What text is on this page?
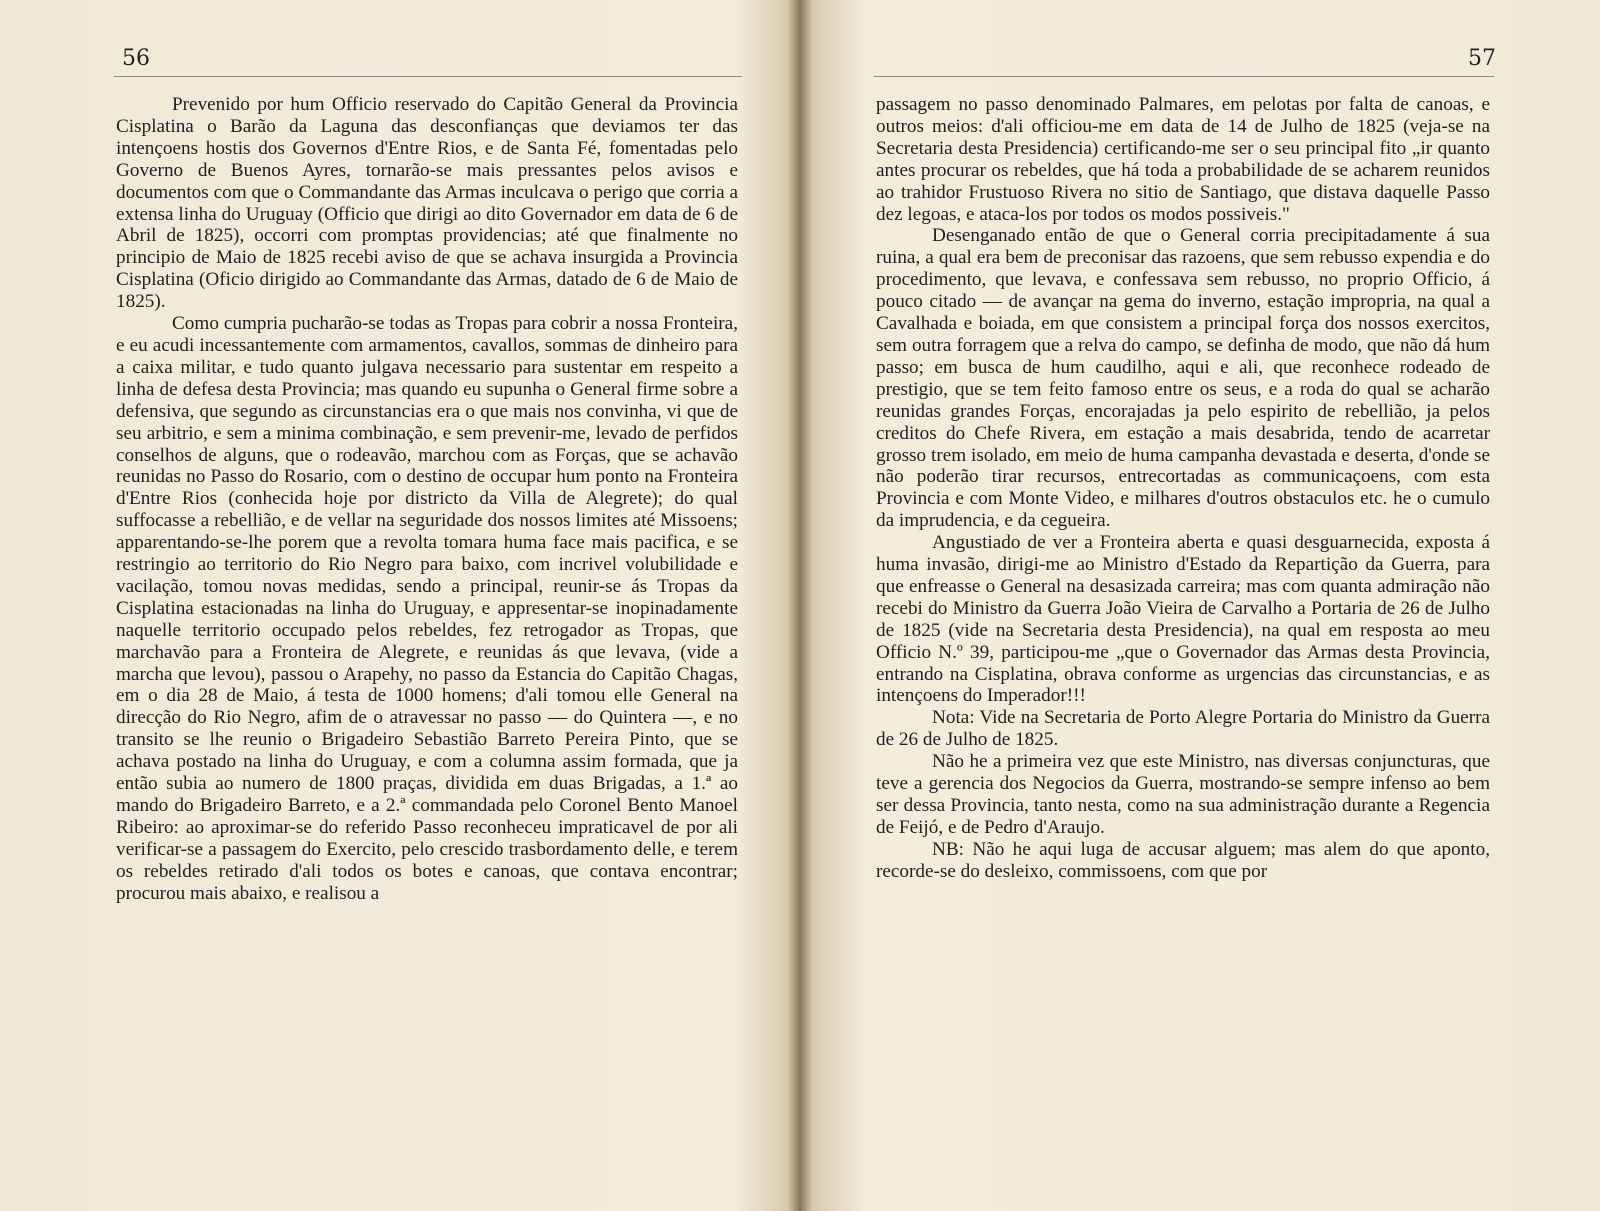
56

Prevenido por hum Officio reservado do Capitão General da Provincia Cisplatina o Barão da Laguna das desconfianças que deviamos ter das intençoens hostis dos Governos d'Entre Rios, e de Santa Fé, fomentadas pelo Governo de Buenos Ayres, tornarão-se mais pressantes pelos avisos e documentos com que o Commandante das Armas inculcava o perigo que corria a extensa linha do Uruguay (Officio que dirigi ao dito Governador em data de 6 de Abril de 1825), occorri com promptas providencias; até que finalmente no principio de Maio de 1825 recebi aviso de que se achava insurgida a Provincia Cisplatina (Oficio dirigido ao Commandante das Armas, datado de 6 de Maio de 1825).

Como cumpria pucharão-se todas as Tropas para cobrir a nossa Fronteira, e eu acudi incessantemente com armamentos, cavallos, sommas de dinheiro para a caixa militar, e tudo quanto julgava necessario para sustentar em respeito a linha de defesa desta Provincia; mas quando eu supunha o General firme sobre a defensiva, que segundo as circunstancias era o que mais nos convinha, vi que de seu arbitrio, e sem a minima combinação, e sem prevenir-me, levado de perfidos conselhos de alguns, que o rodeavão, marchou com as Forças, que se achavão reunidas no Passo do Rosario, com o destino de occupar hum ponto na Fronteira d'Entre Rios (conhecida hoje por districto da Villa de Alegrete); do qual suffocasse a rebellião, e de vellar na seguridade dos nossos limites até Missoens; apparentando-se-lhe porem que a revolta tomara huma face mais pacifica, e se restringio ao territorio do Rio Negro para baixo, com incrivel volubilidade e vacilação, tomou novas medidas, sendo a principal, reunir-se ás Tropas da Cisplatina estacionadas na linha do Uruguay, e appresentar-se inopinadamente naquelle territorio occupado pelos rebeldes, fez retrogador as Tropas, que marchavão para a Fronteira de Alegrete, e reunidas ás que levava, (vide a marcha que levou), passou o Arapehy, no passo da Estancia do Capitão Chagas, em o dia 28 de Maio, á testa de 1000 homens; d'ali tomou elle General na direcção do Rio Negro, afim de o atravessar no passo — do Quintera —, e no transito se lhe reunio o Brigadeiro Sebastião Barreto Pereira Pinto, que se achava postado na linha do Uruguay, e com a columna assim formada, que ja então subia ao numero de 1800 praças, dividida em duas Brigadas, a 1.ª ao mando do Brigadeiro Barreto, e a 2.ª commandada pelo Coronel Bento Manoel Ribeiro: ao aproximar-se do referido Passo reconheceu impraticavel de por ali verificar-se a passagem do Exercito, pelo crescido trasbordamento delle, e terem os rebeldes retirado d'ali todos os botes e canoas, que contava encontrar; procurou mais abaixo, e realisou a

57

passagem no passo denominado Palmares, em pelotas por falta de canoas, e outros meios: d'ali officiou-me em data de 14 de Julho de 1825 (veja-se na Secretaria desta Presidencia) certificando-me ser o seu principal fito „ir quanto antes procurar os rebeldes, que há toda a probabilidade de se acharem reunidos ao trahidor Frustuoso Rivera no sitio de Santiago, que distava daquelle Passo dez legoas, e ataca-los por todos os modos possiveis."

Desenganado então de que o General corria precipitadamente á sua ruina, a qual era bem de preconisar das razoens, que sem rebusso expendia e do procedimento, que levava, e confessava sem rebusso, no proprio Officio, á pouco citado — de avançar na gema do inverno, estação impropria, na qual a Cavalhada e boiada, em que consistem a principal força dos nossos exercitos, sem outra forragem que a relva do campo, se definha de modo, que não dá hum passo; em busca de hum caudilho, aqui e ali, que reconhece rodeado de prestigio, que se tem feito famoso entre os seus, e a roda do qual se acharão reunidas grandes Forças, encorajadas ja pelo espirito de rebellião, ja pelos creditos do Chefe Rivera, em estação a mais desabrida, tendo de acarretar grosso trem isolado, em meio de huma campanha devastada e deserta, d'onde se não poderão tirar recursos, entrecortadas as communicaçoens, com esta Provincia e com Monte Video, e milhares d'outros obstaculos etc. he o cumulo da imprudencia, e da cegueira.

Angustiado de ver a Fronteira aberta e quasi desguarnecida, exposta á huma invasão, dirigi-me ao Ministro d'Estado da Repartição da Guerra, para que enfreasse o General na desasizada carreira; mas com quanta admiração não recebi do Ministro da Guerra João Vieira de Carvalho a Portaria de 26 de Julho de 1825 (vide na Secretaria desta Presidencia), na qual em resposta ao meu Officio N.º 39, participou-me „que o Governador das Armas desta Provincia, entrando na Cisplatina, obrava conforme as urgencias das circunstancias, e as intençoens do Imperador!!!

Nota: Vide na Secretaria de Porto Alegre Portaria do Ministro da Guerra de 26 de Julho de 1825.

Não he a primeira vez que este Ministro, nas diversas conjuncturas, que teve a gerencia dos Negocios da Guerra, mostrando-se sempre infenso ao bem ser dessa Provincia, tanto nesta, como na sua administração durante a Regencia de Feijó, e de Pedro d'Araujo.

NB: Não he aqui luga de accusar alguem; mas alem do que aponto, recorde-se do desleixo, commissoens, com que por
